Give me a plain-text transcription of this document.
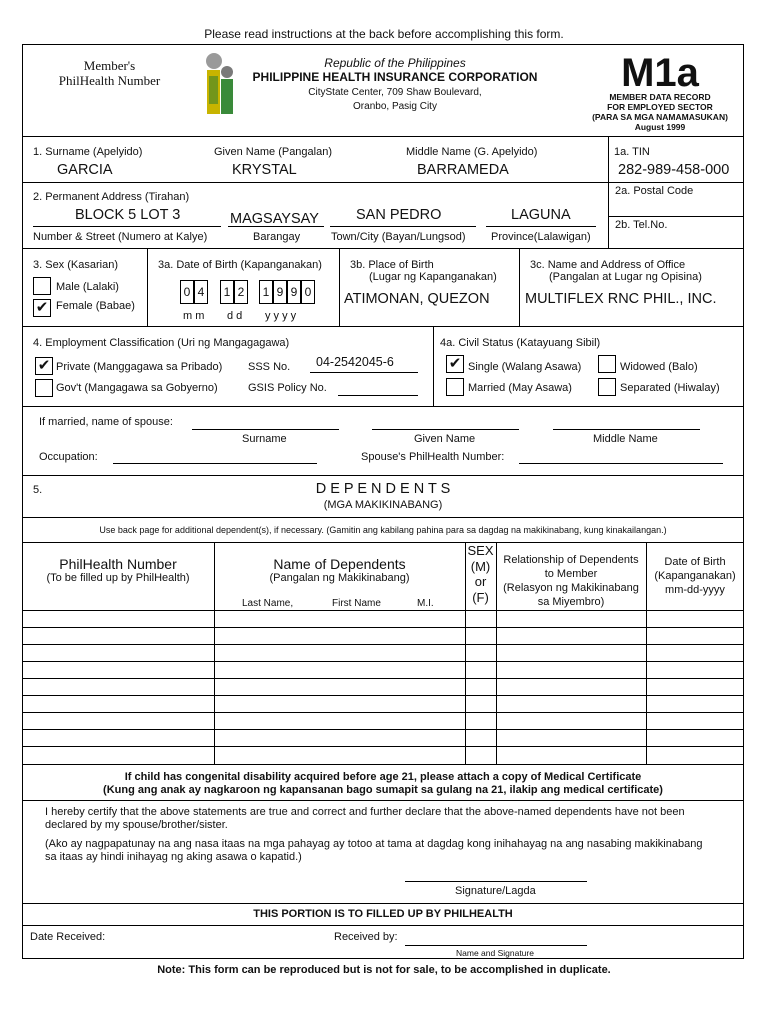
Please read instructions at the back before accomplishing this form.
Member's
PhilHealth Number
Republic of the Philippines
PHILIPPINE HEALTH INSURANCE CORPORATION
CityState Center, 709 Shaw Boulevard,
Oranbo, Pasig City
M1a
MEMBER DATA RECORD
FOR EMPLOYED SECTOR
(PARA SA MGA NAMAMASUKAN)
August 1999
1. Surname (Apelyido)	Given Name (Pangalan)	Middle Name (G. Apelyido)
GARCIA	KRYSTAL	BARRAMEDA
1a. TIN
282-989-458-000
2. Permanent Address (Tirahan)
BLOCK 5 LOT 3	MAGSAYSAY	SAN PEDRO	LAGUNA
Number & Street (Numero at Kalye)	Barangay	Town/City (Bayan/Lungsod) Province(Lalawigan)
2a. Postal Code
2b. Tel.No.
3. Sex (Kasarian)
Male (Lalaki)
✔ Female (Babae)
3a. Date of Birth (Kapanganakan)
0 4	1 2	1 9 9 0
m m d d y y y y
3b. Place of Birth
(Lugar ng Kapanganakan)
ATIMONAN, QUEZON
3c. Name and Address of Office
(Pangalan at Lugar ng Opisina)
MULTIFLEX RNC PHIL., INC.
4. Employment Classification (Uri ng Mangagagawa)
✔ Private (Manggagawa sa Pribado) SSS No. 04-2542045-6
Gov't (Mangagawa sa Gobyerno)	GSIS Policy No.
4a. Civil Status (Katayuang Sibil)
✔ Single (Walang Asawa)	Widowed (Balo)
Married (May Asawa)	Separated (Hiwalay)
If married, name of spouse:
Surname	Given Name	Middle Name
Occupation:	Spouse's PhilHealth Number:
5.	D E P E N D E N T S
(MGA MAKIKINABANG)
Use back page for additional dependent(s), if necessary. (Gamitin ang kabilang pahina para sa dagdag na makikinabang, kung kinakailangan.)
PhilHealth Number
(To be filled up by PhilHealth)
Name of Dependents
(Pangalan ng Makikinabang)
Last Name,	First Name	M.I.
SEX
(M)
or
(F)
Relationship of Dependents
to Member
(Relasyon ng Makikinabang
sa Miyembro)
Date of Birth
(Kapanganakan)
mm-dd-yyyy
If child has congenital disability acquired before age 21, please attach a copy of Medical Certificate
(Kung ang anak ay nagkaroon ng kapansanan bago sumapit sa gulang na 21, ilakip ang medical certificate)
I hereby certify that the above statements are true and correct and further declare that the above-named dependents have not been
declared by my spouse/brother/sister.
(Ako ay nagpapatunay na ang nasa itaas na mga pahayag ay totoo at tama at dagdag kong inihahayag na ang nasabing makikinabang
sa itaas ay hindi inihayag ng aking asawa o kapatid.)
Signature/Lagda
THIS PORTION IS TO FILLED UP BY PHILHEALTH
Date Received:	Received by:
Name and Signature
Note: This form can be reproduced but is not for sale, to be accomplished in duplicate.
